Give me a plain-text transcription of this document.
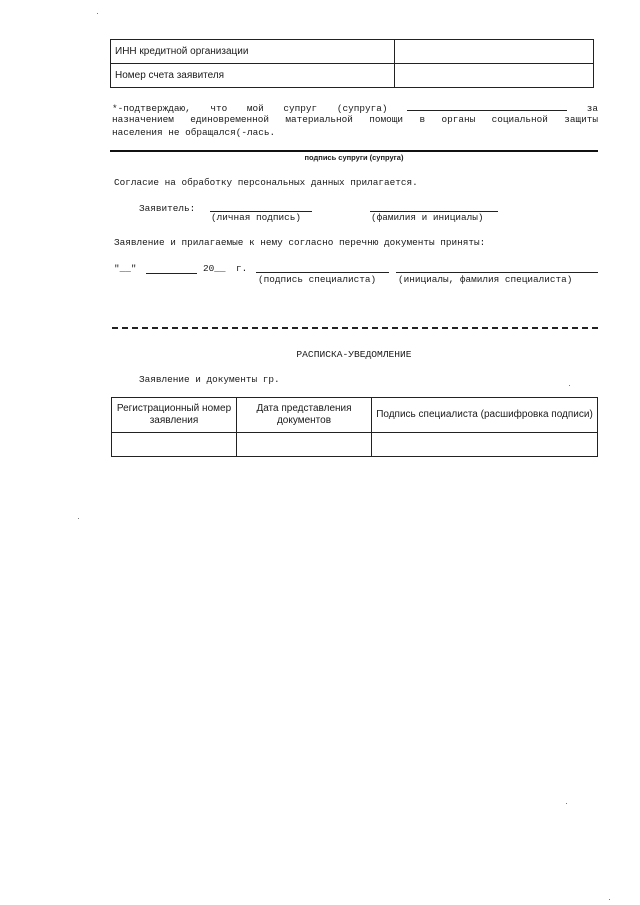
ИНН кредитной организации	
Номер счета заявителя	
*-подтверждаю, что мой супруг (супруга)	за
назначением единовременной материальной помощи в органы социальной защиты
населения не обращался(-лась.
подпись супруги (супруга)
Согласие на обработку персональных данных прилагается.
Заявитель:
(личная подпись)	(фамилия и инициалы)
Заявление и прилагаемые к нему согласно перечню документы приняты:
"__"	20__ г.
(подпись специалиста) (инициалы, фамилия специалиста)
РАСПИСКА-УВЕДОМЛЕНИЕ
Заявление и документы гр.
Регистрационный номер заявления	Дата представления документов	Подпись специалиста (расшифровка подписи)
